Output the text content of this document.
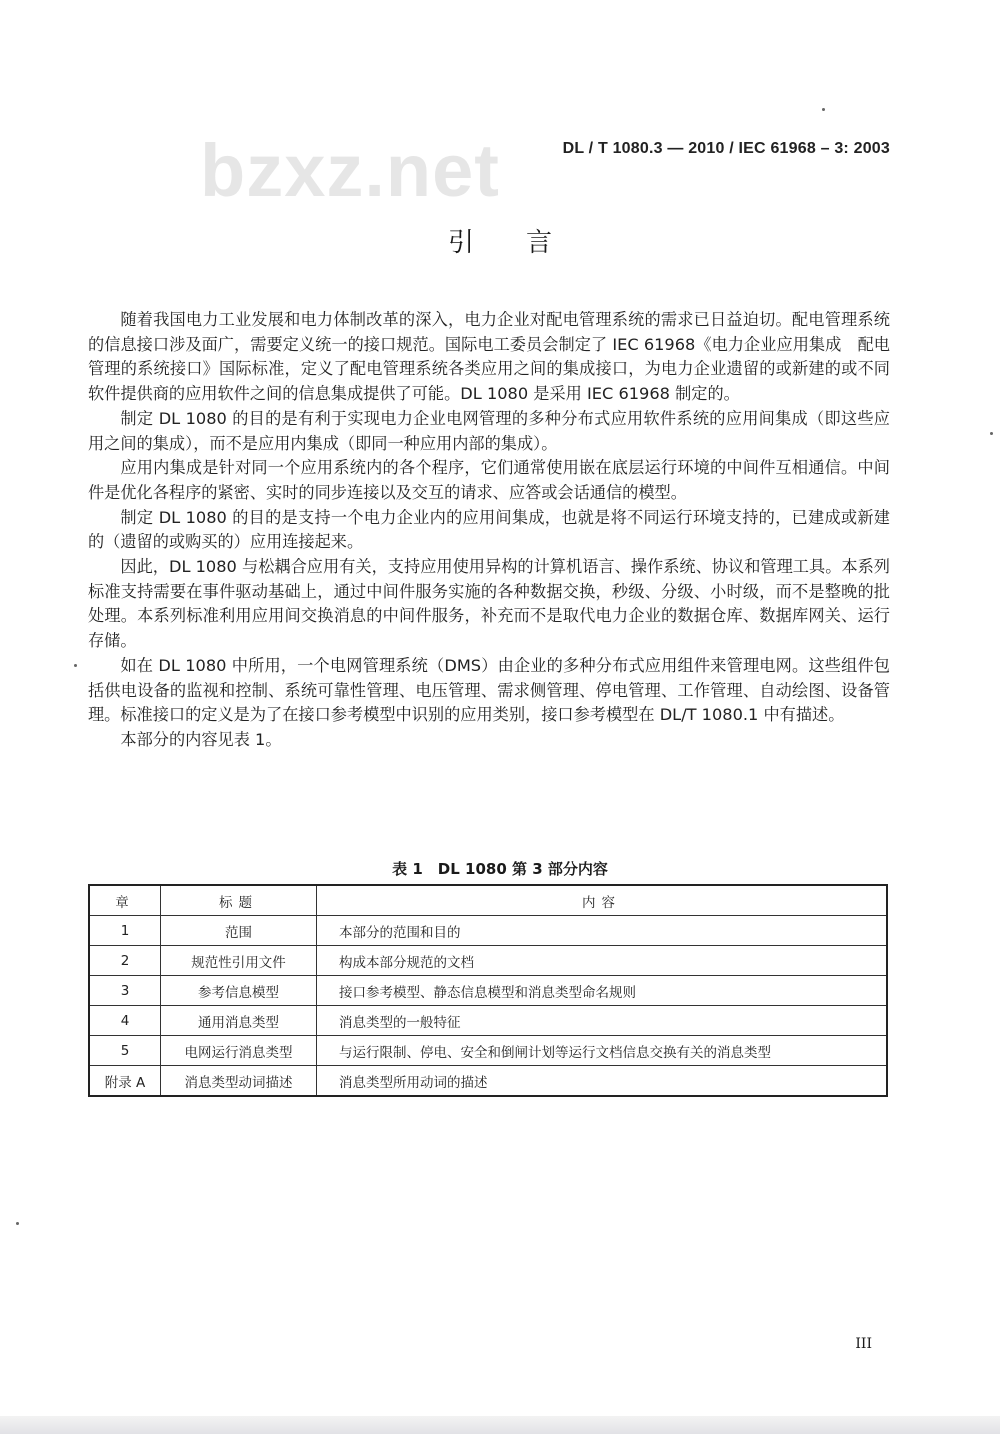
bzxz.net	DL / T 1080.3 — 2010 / IEC 61968 – 3: 2003
引言

随着我国电力工业发展和电力体制改革的深入，电力企业对配电管理系统的需求已日益迫切。配电管理系统的信息接口涉及面广，需要定义统一的接口规范。国际电工委员会制定了 IEC 61968《电力企业应用集成　配电管理的系统接口》国际标准，定义了配电管理系统各类应用之间的集成接口，为电力企业遗留的或新建的或不同软件提供商的应用软件之间的信息集成提供了可能。DL 1080 是采用 IEC 61968 制定的。

制定 DL 1080 的目的是有利于实现电力企业电网管理的多种分布式应用软件系统的应用间集成（即这些应用之间的集成），而不是应用内集成（即同一种应用内部的集成）。

应用内集成是针对同一个应用系统内的各个程序，它们通常使用嵌在底层运行环境的中间件互相通信。中间件是优化各程序的紧密、实时的同步连接以及交互的请求、应答或会话通信的模型。

制定 DL 1080 的目的是支持一个电力企业内的应用间集成，也就是将不同运行环境支持的，已建成或新建的（遗留的或购买的）应用连接起来。

因此，DL 1080 与松耦合应用有关，支持应用使用异构的计算机语言、操作系统、协议和管理工具。本系列标准支持需要在事件驱动基础上，通过中间件服务实施的各种数据交换，秒级、分级、小时级，而不是整晚的批处理。本系列标准利用应用间交换消息的中间件服务，补充而不是取代电力企业的数据仓库、数据库网关、运行存储。

如在 DL 1080 中所用，一个电网管理系统（DMS）由企业的多种分布式应用组件来管理电网。这些组件包括供电设备的监视和控制、系统可靠性管理、电压管理、需求侧管理、停电管理、工作管理、自动绘图、设备管理。标准接口的定义是为了在接口参考模型中识别的应用类别，接口参考模型在 DL/T 1080.1 中有描述。

本部分的内容见表 1。

表 1　DL 1080 第 3 部分内容
章	标题	内容
1	范围	本部分的范围和目的
2	规范性引用文件	构成本部分规范的文档
3	参考信息模型	接口参考模型、静态信息模型和消息类型命名规则
4	通用消息类型	消息类型的一般特征
5	电网运行消息类型	与运行限制、停电、安全和倒闸计划等运行文档信息交换有关的消息类型
附录 A	消息类型动词描述	消息类型所用动词的描述
III
